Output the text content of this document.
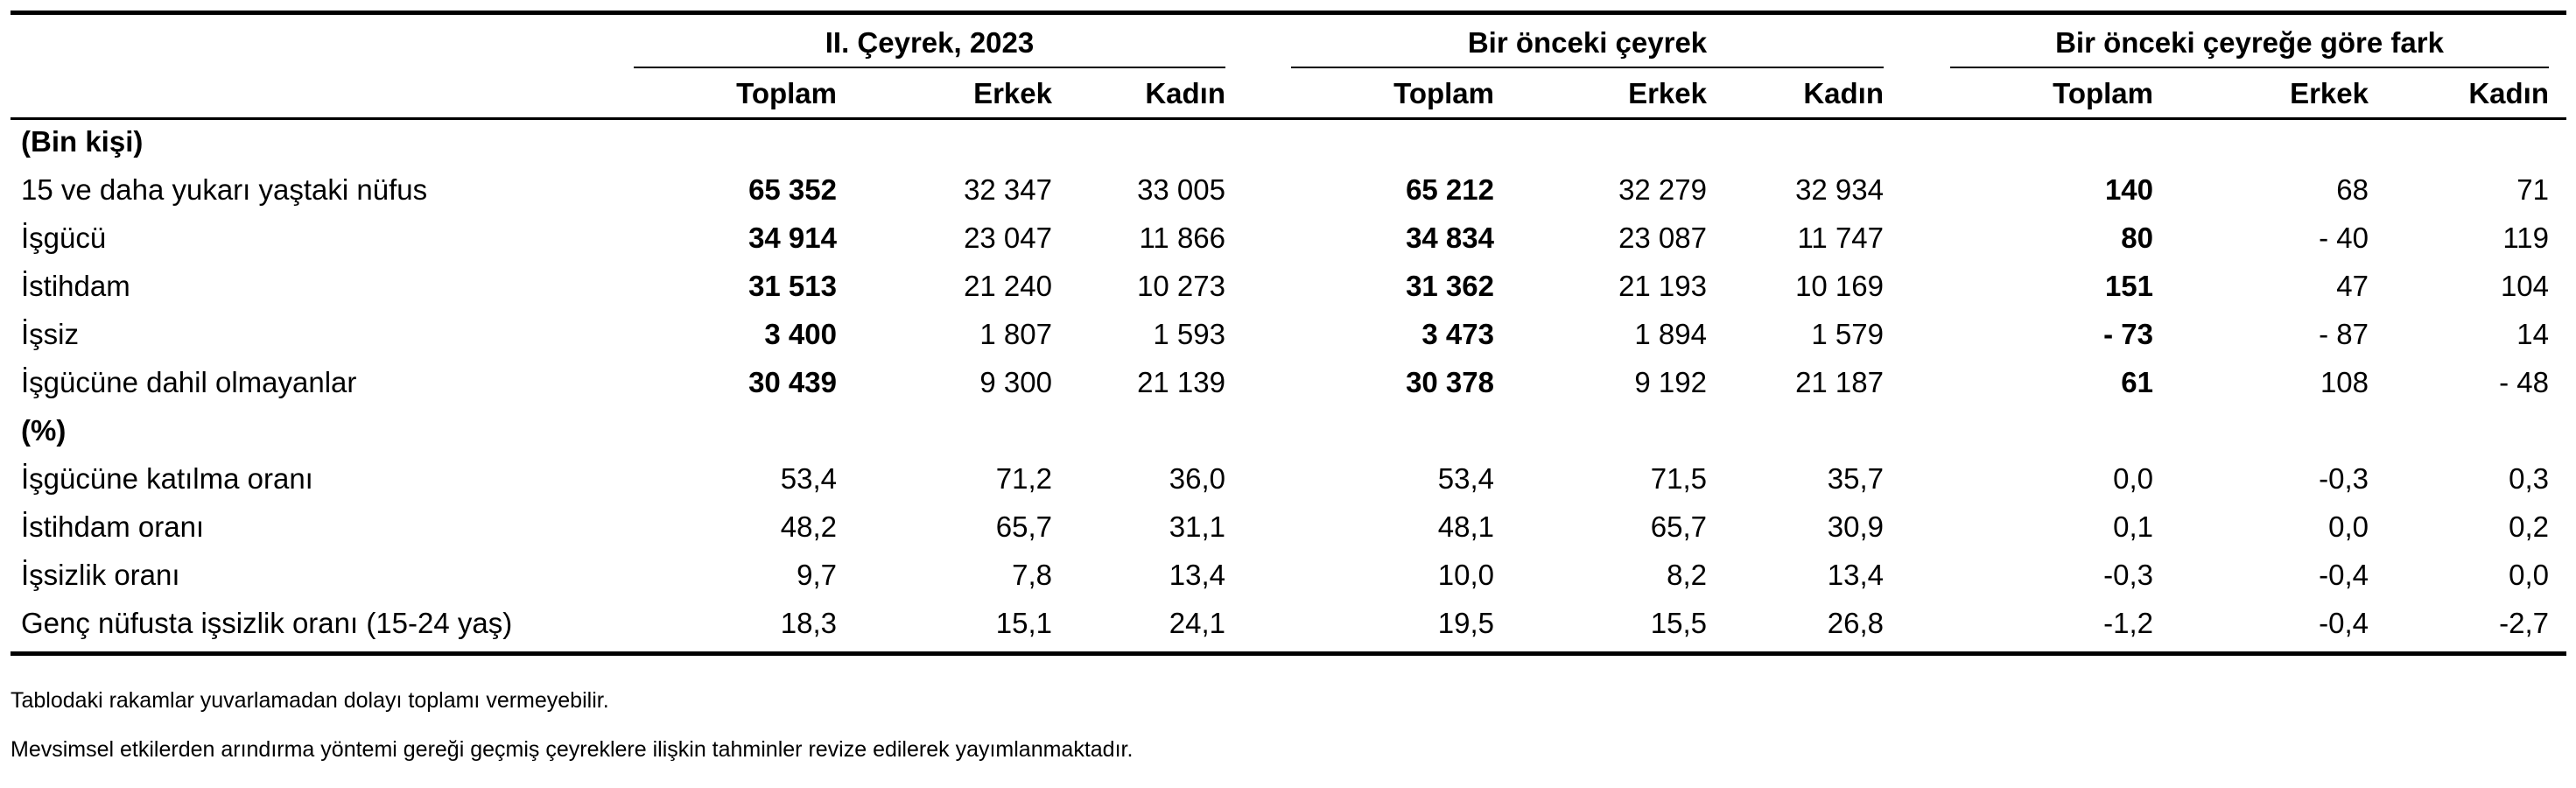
II. Çeyrek, 2023	Bir önceki çeyrek	Bir önceki çeyreğe göre fark
Toplam	Erkek	Kadın	Toplam	Erkek	Kadın	Toplam	Erkek	Kadın
(Bin kişi)
15 ve daha yukarı yaştaki nüfus	65 352	32 347	33 005	65 212	32 279	32 934	140	68	71
İşgücü	34 914	23 047	11 866	34 834	23 087	11 747	80	- 40	119
İstihdam	31 513	21 240	10 273	31 362	21 193	10 169	151	47	104
İşsiz	3 400	1 807	1 593	3 473	1 894	1 579	- 73	- 87	14
İşgücüne dahil olmayanlar	30 439	9 300	21 139	30 378	9 192	21 187	61	108	- 48
(%)
İşgücüne katılma oranı	53,4	71,2	36,0	53,4	71,5	35,7	0,0	-0,3	0,3
İstihdam oranı	48,2	65,7	31,1	48,1	65,7	30,9	0,1	0,0	0,2
İşsizlik oranı	9,7	7,8	13,4	10,0	8,2	13,4	-0,3	-0,4	0,0
Genç nüfusta işsizlik oranı (15-24 yaş)	18,3	15,1	24,1	19,5	15,5	26,8	-1,2	-0,4	-2,7
Tablodaki rakamlar yuvarlamadan dolayı toplamı vermeyebilir.
Mevsimsel etkilerden arındırma yöntemi gereği geçmiş çeyreklere ilişkin tahminler revize edilerek yayımlanmaktadır.
